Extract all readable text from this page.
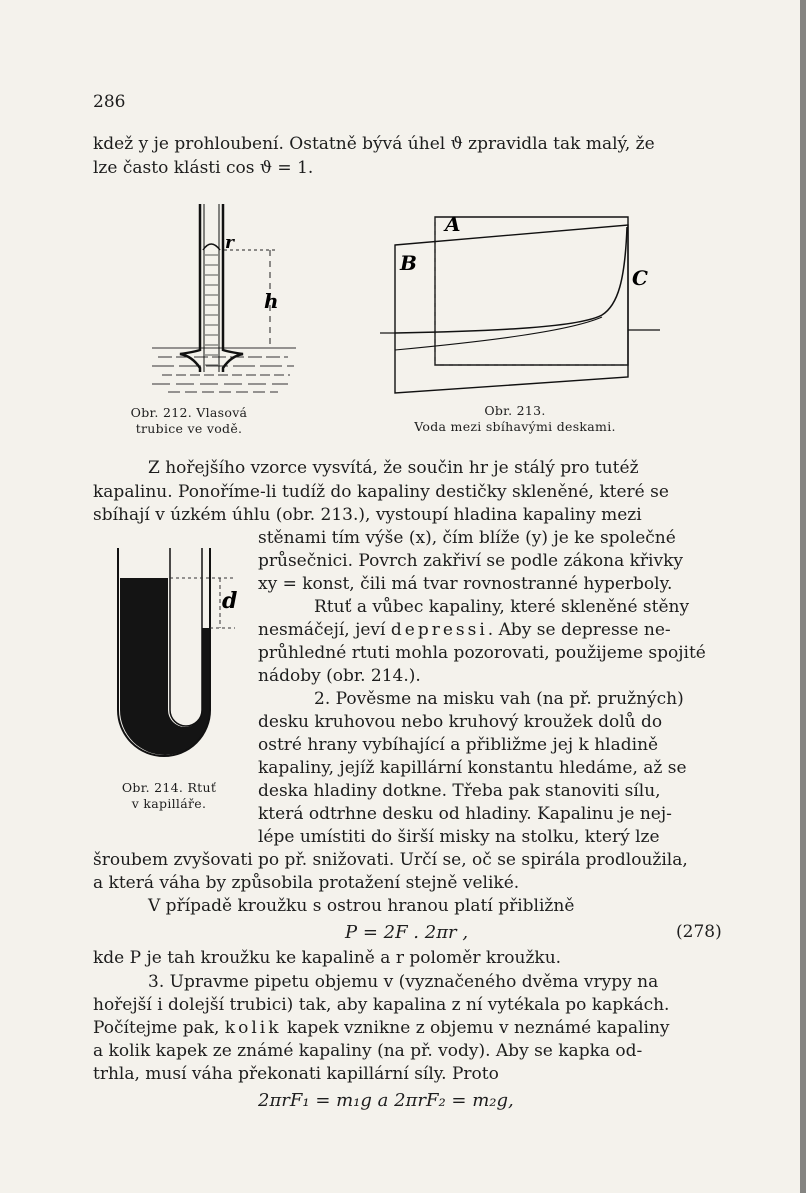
286
kdež y je prohloubení. Ostatně bývá úhel ϑ zpravidla tak malý, že
lze často klásti cos ϑ = 1.
r
h
Obr. 212. Vlasová
trubice ve vodě.
A
B
C
Obr. 213.
Voda mezi sbíhavými deskami.
Z hořejšího vzorce vysvítá, že součin hr je stálý pro tutéž
kapalinu. Ponoříme-li tudíž do kapaliny destičky skleněné, které se
sbíhají v úzkém úhlu (obr. 213.), vystoupí hladina kapaliny mezi
stěnami tím výše (x), čím blíže (y) je ke společné
průsečnici. Povrch zakřiví se podle zákona křivky
xy = konst, čili má tvar rovnostranné hyperboly.
d
Obr. 214. Rtuť
v kapilláře.
Rtuť a vůbec kapaliny, které skleněné stěny
nesmáčejí, jeví depressi. Aby se depresse ne-
průhledné rtuti mohla pozorovati, použijeme spojité
nádoby (obr. 214.).
2. Pověsme na misku vah (na př. pružných)
desku kruhovou nebo kruhový kroužek dolů do
ostré hrany vybíhající a přibližme jej k hladině
kapaliny, jejíž kapillární konstantu hledáme, až se
deska hladiny dotkne. Třeba pak stanoviti sílu,
která odtrhne desku od hladiny. Kapalinu je nej-
lépe umístiti do širší misky na stolku, který lze
šroubem zvyšovati po př. snižovati. Určí se, oč se spirála prodloužila,
a která váha by způsobila protažení stejně veliké.
V případě kroužku s ostrou hranou platí přibližně
P = 2F . 2πr ,	(278)
kde P je tah kroužku ke kapalině a r poloměr kroužku.
3. Upravme pipetu objemu v (vyznačeného dvěma vrypy na
hořejší i dolejší trubici) tak, aby kapalina z ní vytékala po kapkách.
Počítejme pak, kolik kapek vznikne z objemu v neznámé kapaliny
a kolik kapek ze známé kapaliny (na př. vody). Aby se kapka od-
trhla, musí váha překonati kapillární síly. Proto
2πrF₁ = m₁g a 2πrF₂ = m₂g,
